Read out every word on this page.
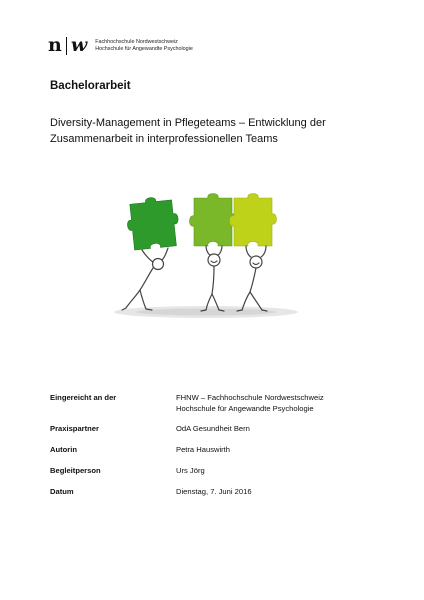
n w Fachhochschule Nordwestschweiz
Hochschule für Angewandte Psychologie
Bachelorarbeit
Diversity-Management in Pflegeteams – Entwicklung der Zusammenarbeit in interprofessionellen Teams
Eingereicht an der	FHNW – Fachhochschule Nordwestschweiz
Hochschule für Angewandte Psychologie
Praxispartner	OdA Gesundheit Bern
Autorin	Petra Hauswirth
Begleitperson	Urs Jörg
Datum	Dienstag, 7. Juni 2016
